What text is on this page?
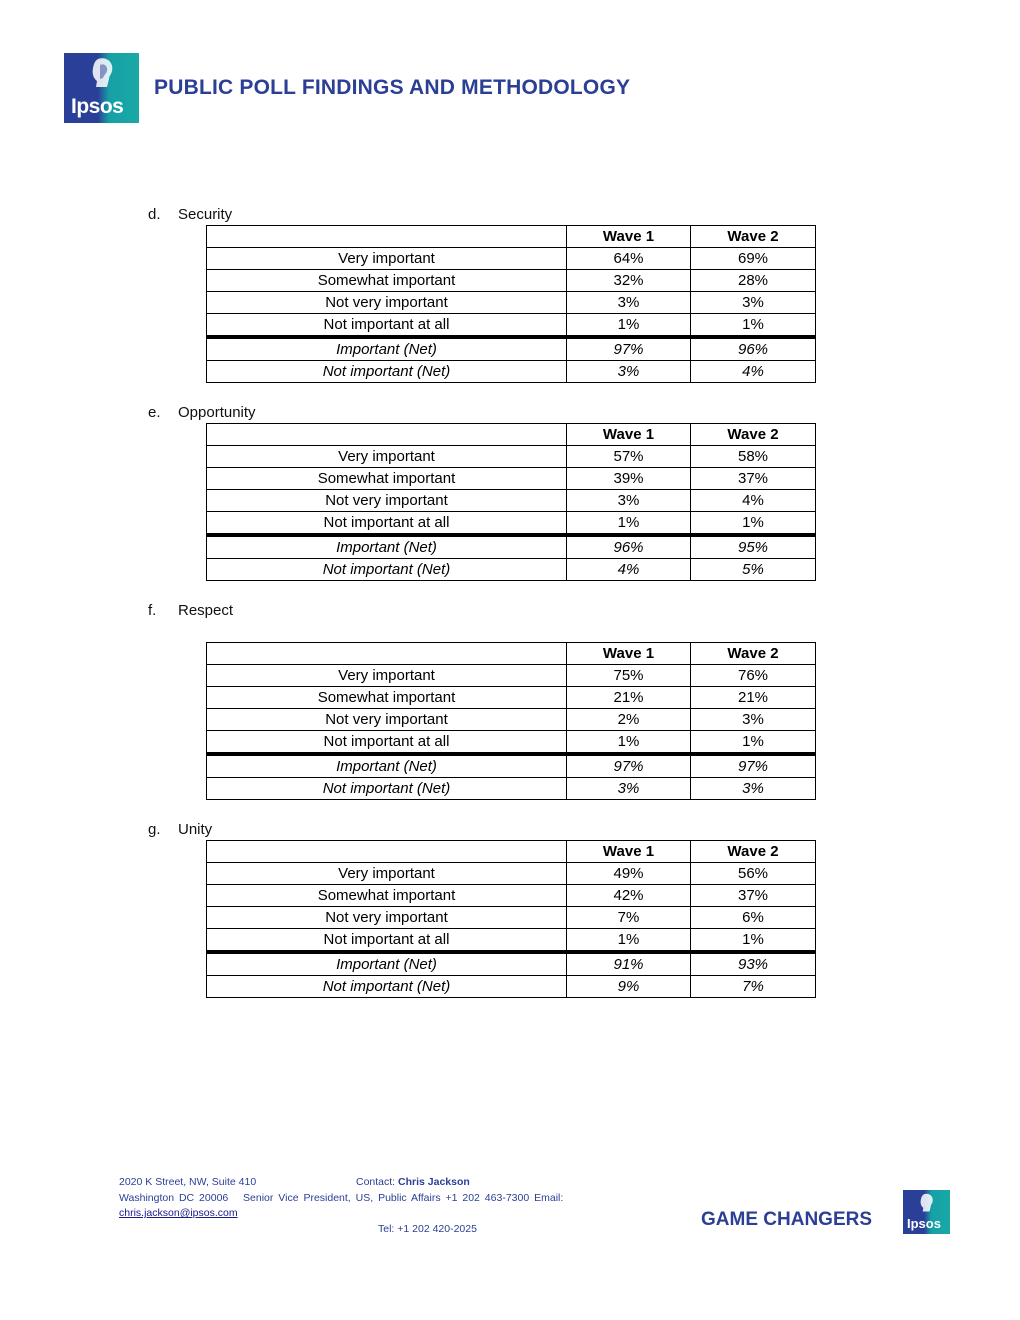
Ipsos
PUBLIC POLL FINDINGS AND METHODOLOGY
d. Security
	Wave 1	Wave 2
Very important	64%	69%
Somewhat important	32%	28%
Not very important	3%	3%
Not important at all	1%	1%
Important (Net)	97%	96%
Not important (Net)	3%	4%
e. Opportunity
	Wave 1	Wave 2
Very important	57%	58%
Somewhat important	39%	37%
Not very important	3%	4%
Not important at all	1%	1%
Important (Net)	96%	95%
Not important (Net)	4%	5%
f. Respect
	Wave 1	Wave 2
Very important	75%	76%
Somewhat important	21%	21%
Not very important	2%	3%
Not important at all	1%	1%
Important (Net)	97%	97%
Not important (Net)	3%	3%
g. Unity
	Wave 1	Wave 2
Very important	49%	56%
Somewhat important	42%	37%
Not very important	7%	6%
Not important at all	1%	1%
Important (Net)	91%	93%
Not important (Net)	9%	7%
2020 K Street, NW, Suite 410	Contact: Chris Jackson
Washington DC 20006 Senior Vice President, US, Public Affairs +1 202 463-7300 Email:
chris.jackson@ipsos.com
Tel: +1 202 420-2025	GAME CHANGERS	Ipsos
